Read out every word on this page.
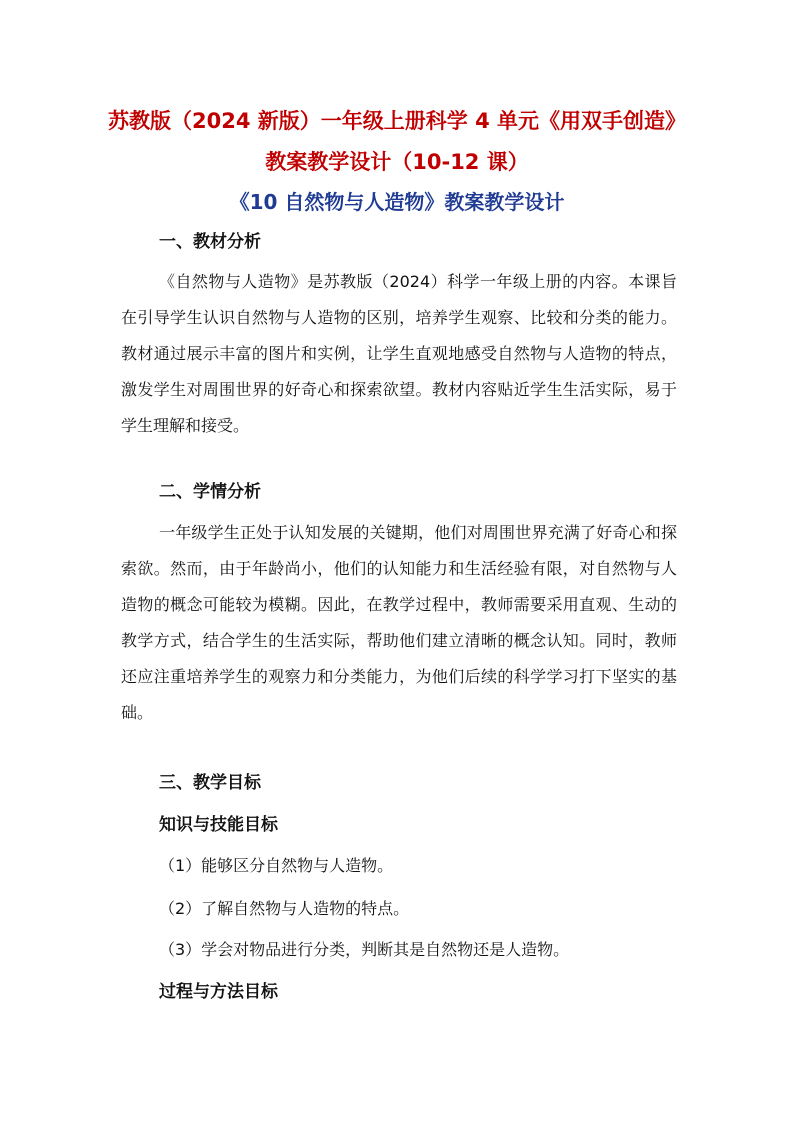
苏教版（2024 新版）一年级上册科学 4 单元《用双手创造》
教案教学设计（10-12 课）
《10 自然物与人造物》教案教学设计
一、教材分析

《自然物与人造物》是苏教版（2024）科学一年级上册的内容。本课旨在引导学生认识自然物与人造物的区别，培养学生观察、比较和分类的能力。教材通过展示丰富的图片和实例，让学生直观地感受自然物与人造物的特点，激发学生对周围世界的好奇心和探索欲望。教材内容贴近学生生活实际，易于学生理解和接受。

二、学情分析

一年级学生正处于认知发展的关键期，他们对周围世界充满了好奇心和探索欲。然而，由于年龄尚小，他们的认知能力和生活经验有限，对自然物与人造物的概念可能较为模糊。因此，在教学过程中，教师需要采用直观、生动的教学方式，结合学生的生活实际，帮助他们建立清晰的概念认知。同时，教师还应注重培养学生的观察力和分类能力，为他们后续的科学学习打下坚实的基础。

三、教学目标
知识与技能目标
（1）能够区分自然物与人造物。
（2）了解自然物与人造物的特点。
（3）学会对物品进行分类，判断其是自然物还是人造物。
过程与方法目标
